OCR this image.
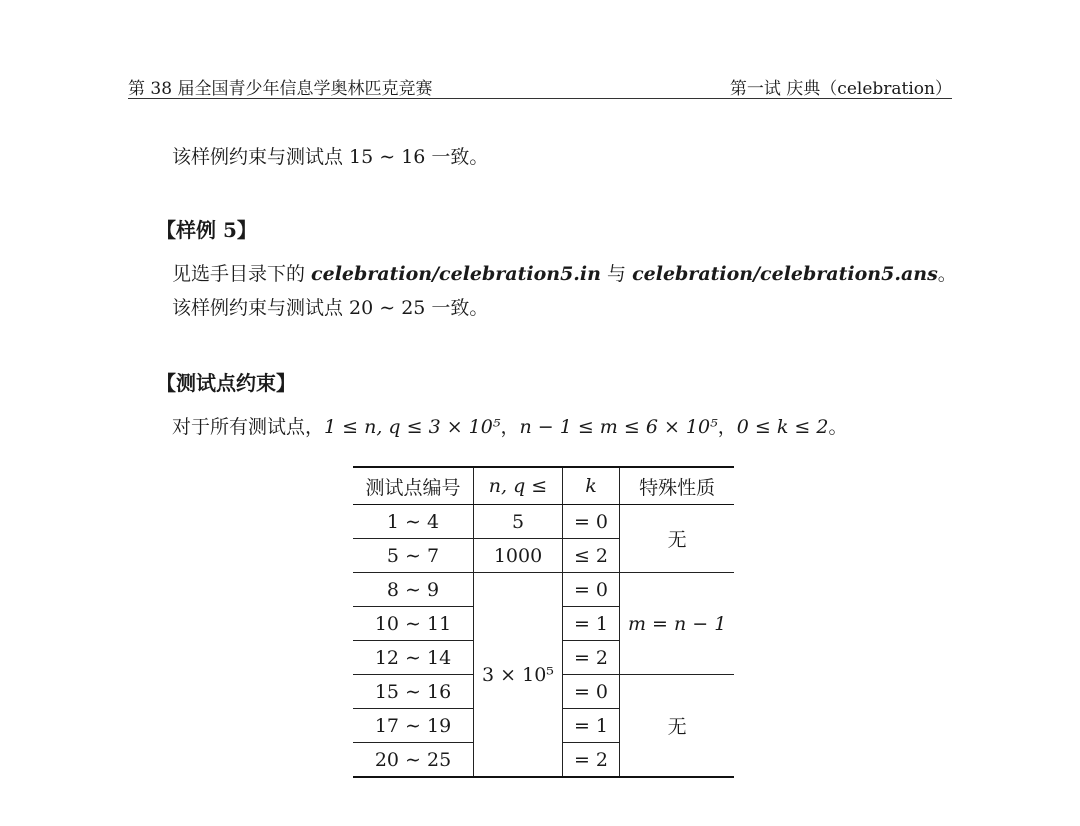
第 38 届全国青少年信息学奥林匹克竞赛	第一试 庆典（celebration）
该样例约束与测试点 15 ∼ 16 一致。
【样例 5】
见选手目录下的 celebration/celebration5.in 与 celebration/celebration5.ans。
该样例约束与测试点 20 ∼ 25 一致。
【测试点约束】
对于所有测试点，1 ≤ n, q ≤ 3 × 10⁵，n − 1 ≤ m ≤ 6 × 10⁵，0 ≤ k ≤ 2。
测试点编号	n, q ≤	k	特殊性质
1 ∼ 4	5	= 0	无
5 ∼ 7	1000	≤ 2	
8 ∼ 9	3 × 10⁵	= 0	m = n − 1
10 ∼ 11		= 1	
12 ∼ 14		= 2	
15 ∼ 16		= 0	无
17 ∼ 19		= 1	
20 ∼ 25		= 2	
